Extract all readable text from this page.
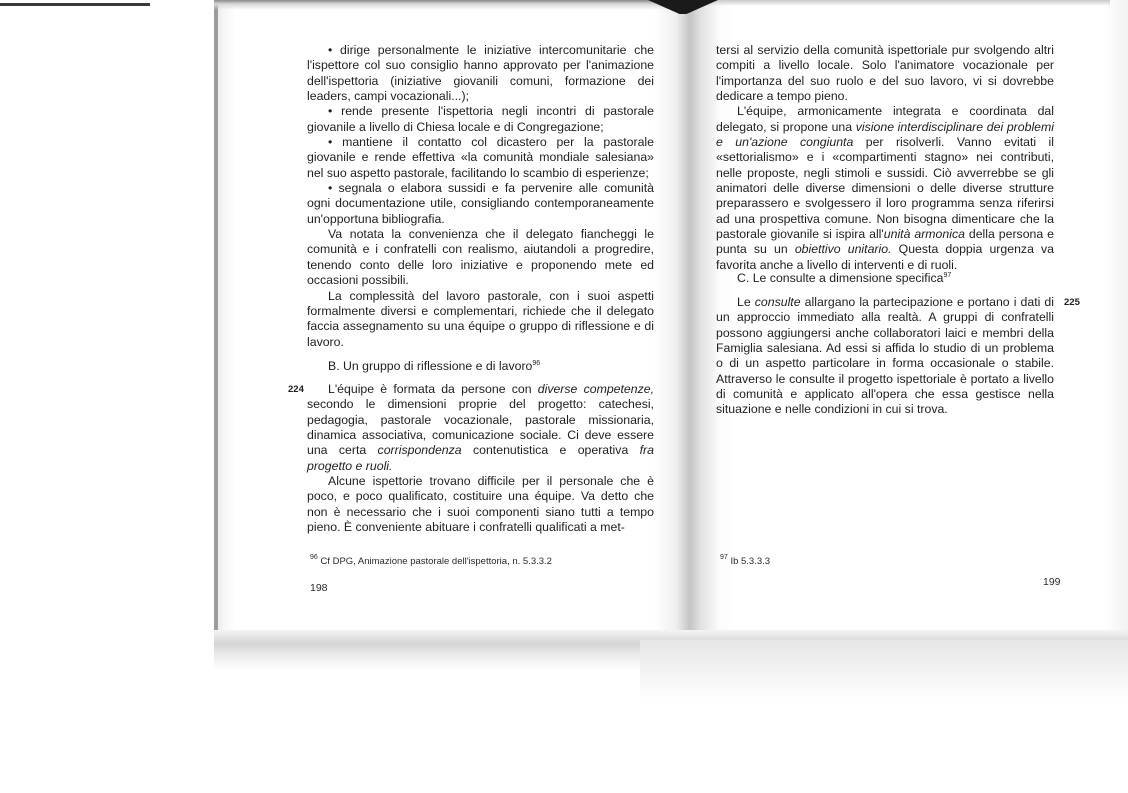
• dirige personalmente le iniziative intercomunitarie che l'ispettore col suo consiglio hanno approvato per l'animazione dell'ispettoria (iniziative giovanili comuni, formazione dei leaders, campi vocazionali...);

• rende presente l'ispettoria negli incontri di pastorale giovanile a livello di Chiesa locale e di Congregazione;

• mantiene il contatto col dicastero per la pastorale giovanile e rende effettiva «la comunità mondiale salesiana» nel suo aspetto pastorale, facilitando lo scambio di esperienze;

• segnala o elabora sussidi e fa pervenire alle comunità ogni documentazione utile, consigliando contemporaneamente un'opportuna bibliografia.

Va notata la convenienza che il delegato fiancheggi le comunità e i confratelli con realismo, aiutandoli a progredire, tenendo conto delle loro iniziative e proponendo mete ed occasioni possibili.

La complessità del lavoro pastorale, con i suoi aspetti formalmente diversi e complementari, richiede che il delegato faccia assegnamento su una équipe o gruppo di riflessione e di lavoro.

B. Un gruppo di riflessione e di lavoro$^{96}$
224	L'équipe è formata da persone con diverse competenze, secondo le dimensioni proprie del progetto: catechesi, pedagogia, pastorale vocazionale, pastorale missionaria, dinamica associativa, comunicazione sociale. Ci deve essere una certa corrispondenza contenutistica e operativa fra progetto e ruoli.

Alcune ispettorie trovano difficile per il personale che è poco, e poco qualificato, costituire una équipe. Va detto che non è necessario che i suoi componenti siano tutti a tempo pieno. È conveniente abituare i confratelli qualificati a met-

$^{96}$ Cf DPG, Animazione pastorale dell'ispettoria, n. 5.3.3.2
198

tersi al servizio della comunità ispettoriale pur svolgendo altri compiti a livello locale. Solo l'animatore vocazionale per l'importanza del suo ruolo e del suo lavoro, vi si dovrebbe dedicare a tempo pieno.

L'équipe, armonicamente integrata e coordinata dal delegato, si propone una visione interdisciplinare dei problemi e un'azione congiunta per risolverli. Vanno evitati il «settorialismo» e i «compartimenti stagno» nei contributi, nelle proposte, negli stimoli e sussidi. Ciò avverrebbe se gli animatori delle diverse dimensioni o delle diverse strutture preparassero e svolgessero il loro programma senza riferirsi ad una prospettiva comune. Non bisogna dimenticare che la pastorale giovanile si ispira all'unità armonica della persona e punta su un obiettivo unitario. Questa doppia urgenza va favorita anche a livello di interventi e di ruoli.

C. Le consulte a dimensione specifica$^{97}$
225

Le consulte allargano la partecipazione e portano i dati di un approccio immediato alla realtà. A gruppi di confratelli possono aggiungersi anche collaboratori laici e membri della Famiglia salesiana. Ad essi si affida lo studio di un problema o di un aspetto particolare in forma occasionale o stabile. Attraverso le consulte il progetto ispettoriale è portato a livello di comunità e applicato all'opera che essa gestisce nella situazione e nelle condizioni in cui si trova.

$^{97}$ Ib 5.3.3.3
199
